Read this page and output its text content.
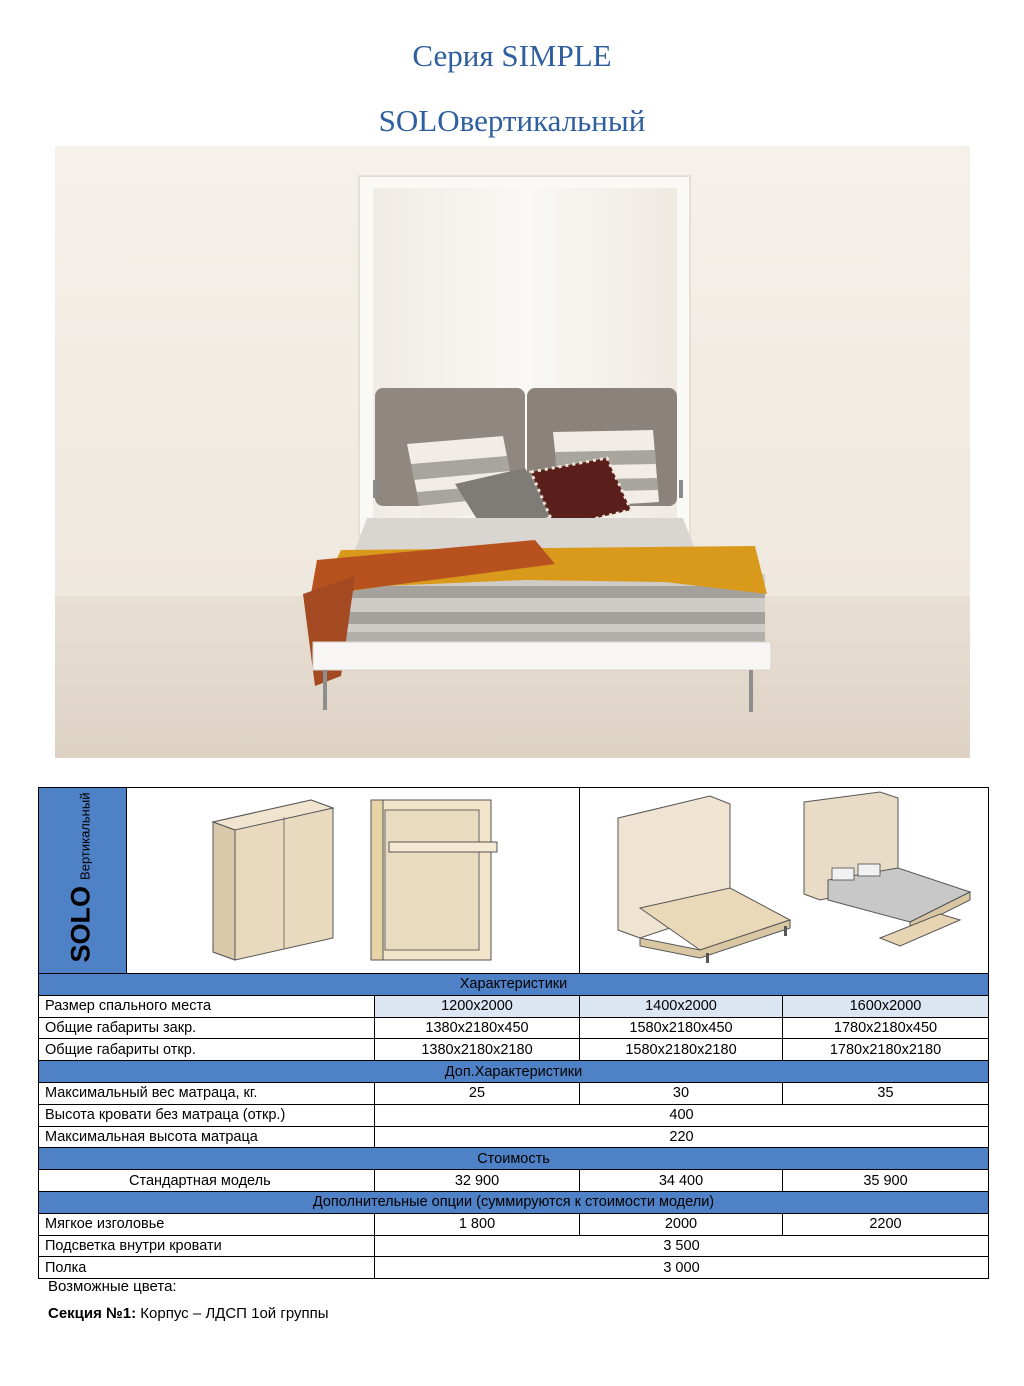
Серия SIMPLE
SOLOвертикальный
SOLO
Вертикальный

Характеристики				
Размер спального места		1200x2000	1400x2000	1600x2000
Общие габариты закр.		1380x2180x450	1580x2180x450	1780x2180x450
Общие габариты откр.		1380x2180x2180	1580x2180x2180	1780x2180x2180
Доп.Характеристики				
Максимальный вес матраца, кг.		25	30	35
Высота кровати без матраца (откр.)		400		
Максимальная высота матраца		220		
Стоимость				
Стандартная модель		32 900	34 400	35 900
Дополнительные опции (суммируются к стоимости модели)				
Мягкое изголовье		1 800	2000	2200
Подсветка внутри кровати		3 500		
Полка		3 000		
Возможные цвета:
Секция №1: Корпус – ЛДСП 1ой группы
